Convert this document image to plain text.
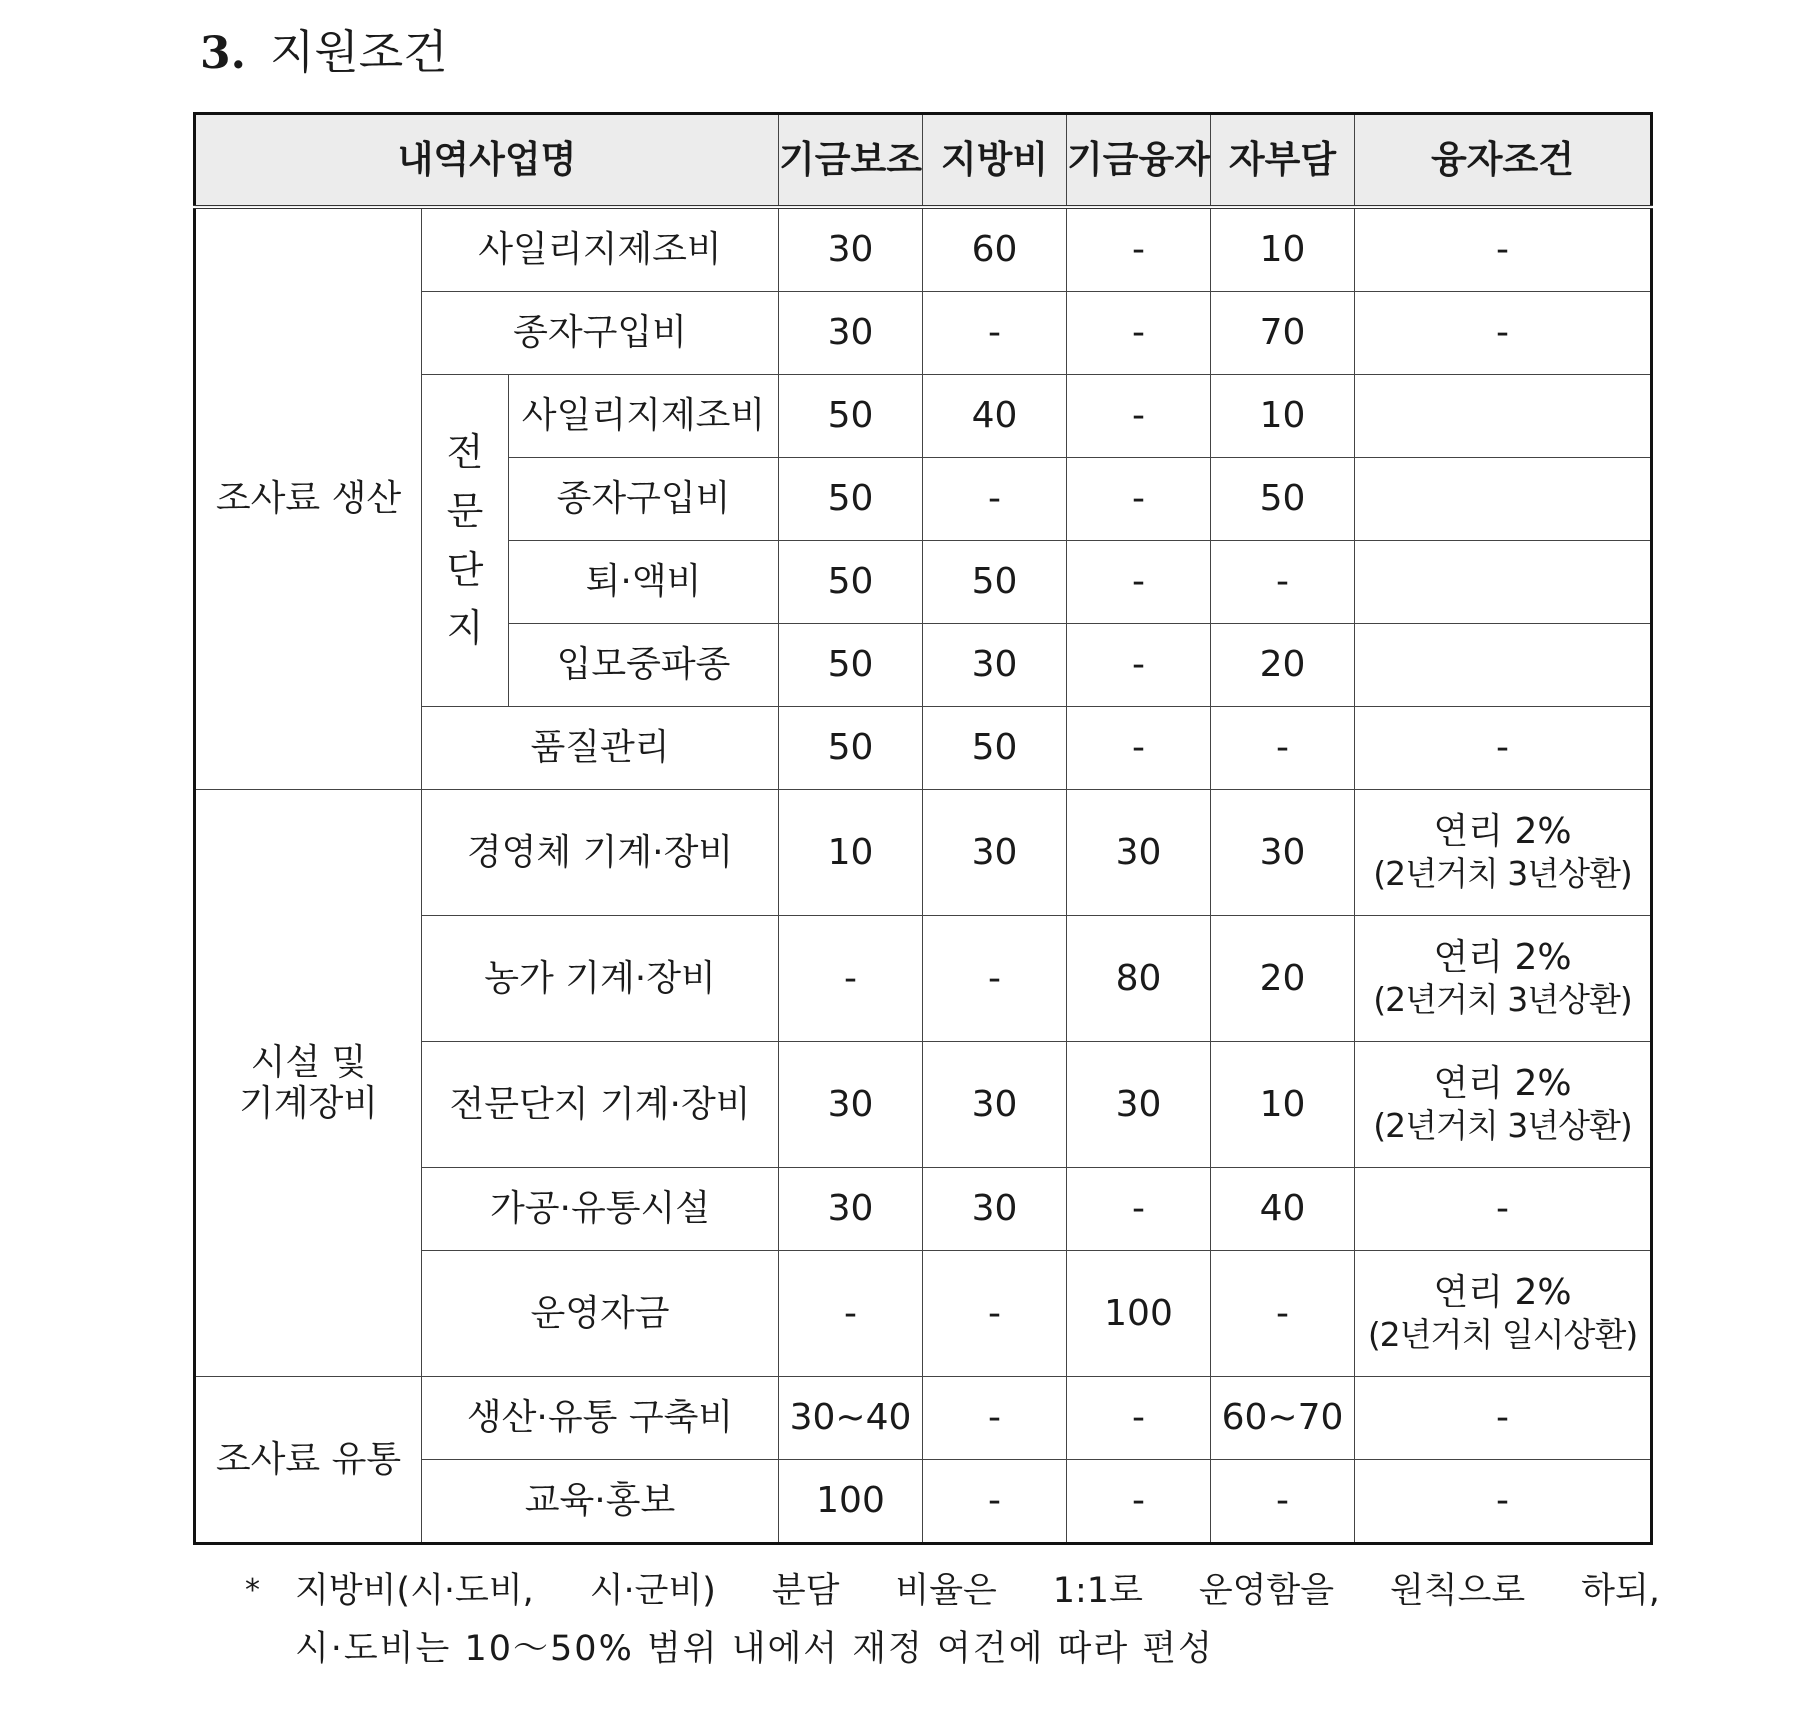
3. 지원조건
내역사업명			기금보조	지방비	기금융자	자부담	융자조건
조사료 생산	사일리지제조비		30	60	-	10	-
	종자구입비		30	-	-	70	-
	전문단지	사일리지제조비	50	40	-	10	
		종자구입비	50	-	-	50	
		퇴·액비	50	50	-	-	
		입모중파종	50	30	-	20	
	품질관리		50	50	-	-	-
시설 및
기계장비	경영체 기계·장비		10	30	30	30	연리 2%
(2년거치 3년상환)
	농가 기계·장비		-	-	80	20	연리 2%
(2년거치 3년상환)
	전문단지 기계·장비		30	30	30	10	연리 2%
(2년거치 3년상환)
	가공·유통시설		30	30	-	40	-
	운영자금		-	-	100	-	연리 2%
(2년거치 일시상환)
조사료 유통	생산·유통 구축비		30~40	-	-	60~70	-
	교육·홍보		100	-	-	-	-
* 지방비(시·도비, 시·군비) 분담 비율은 1:1로 운영함을 원칙으로 하되,
시·도비는 10～50% 범위 내에서 재정 여건에 따라 편성
